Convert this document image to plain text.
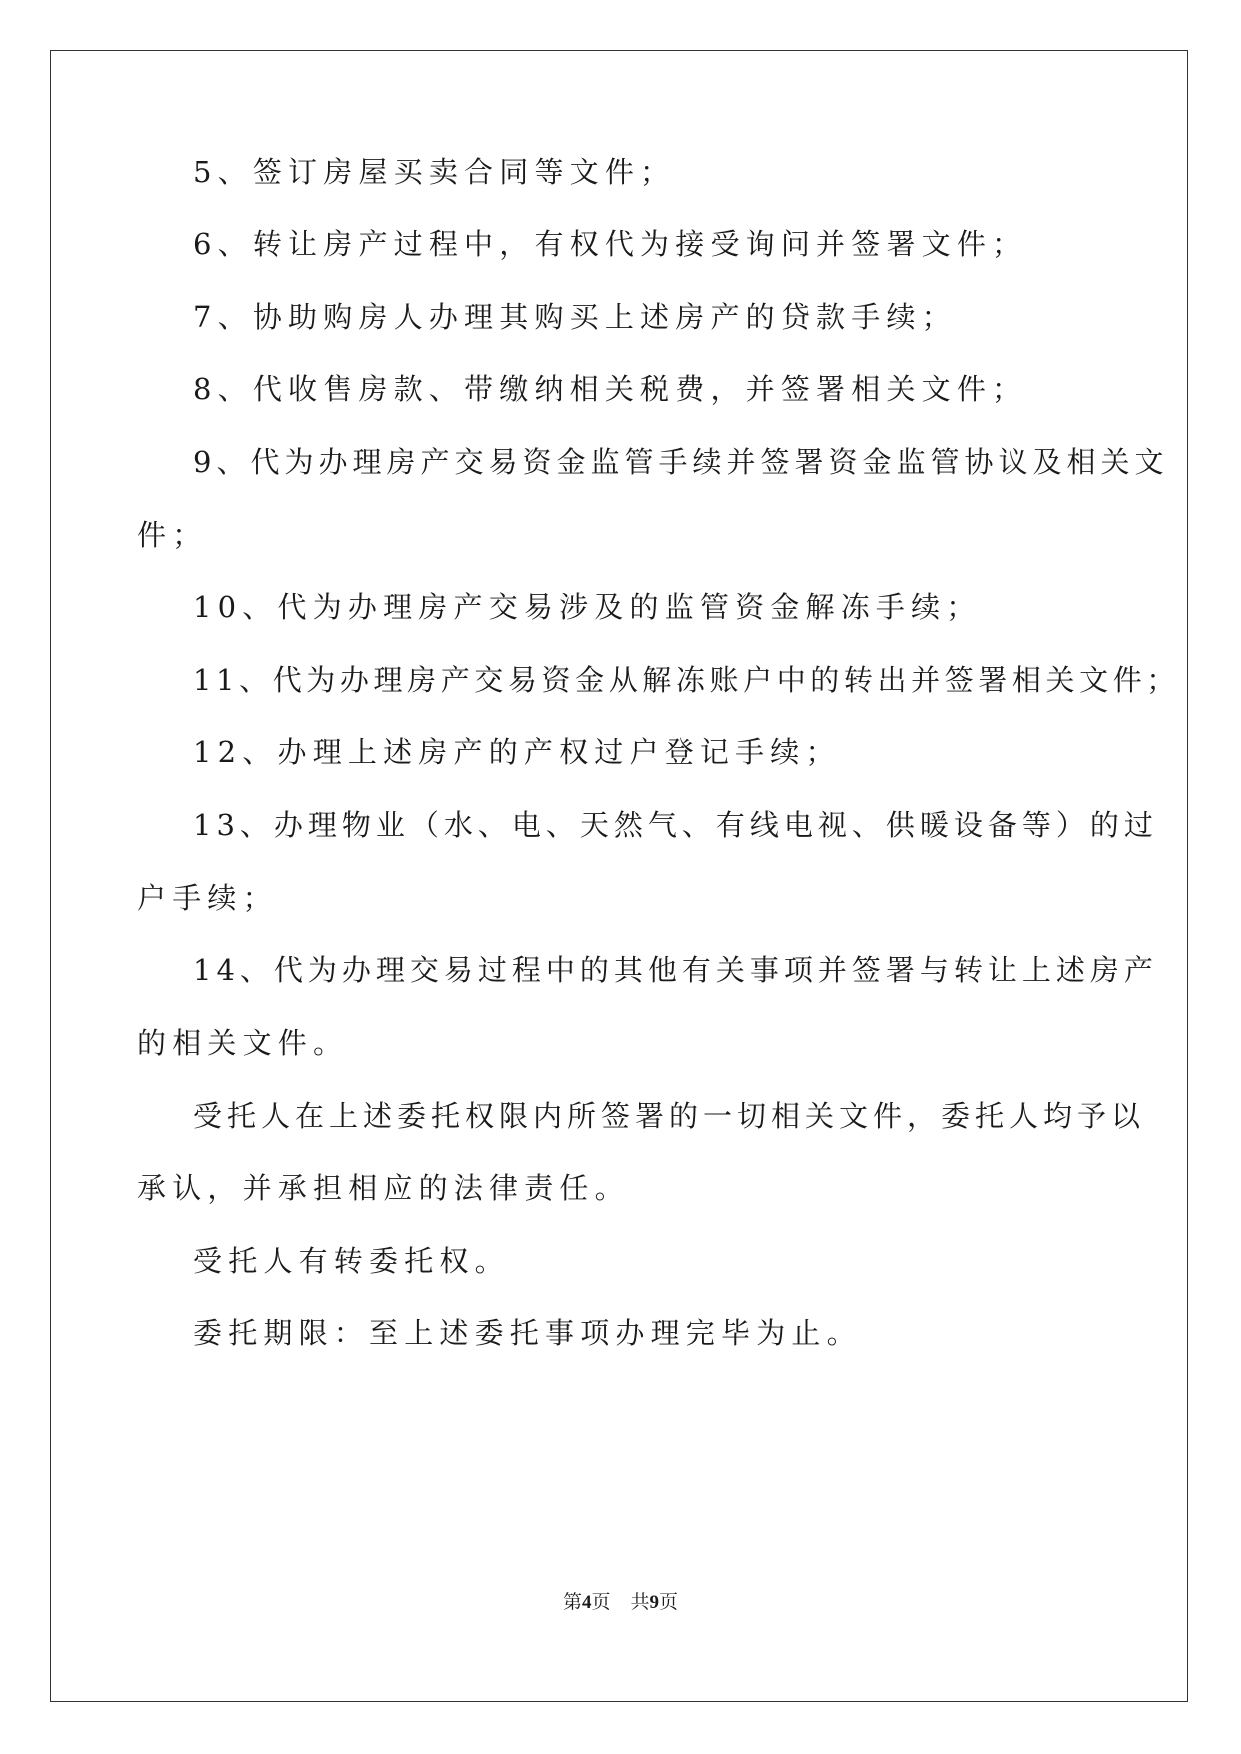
5、签订房屋买卖合同等文件；
6、转让房产过程中，有权代为接受询问并签署文件；
7、协助购房人办理其购买上述房产的贷款手续；
8、代收售房款、带缴纳相关税费，并签署相关文件；
9、代为办理房产交易资金监管手续并签署资金监管协议及相关文
件；
10、代为办理房产交易涉及的监管资金解冻手续；
11、代为办理房产交易资金从解冻账户中的转出并签署相关文件；
12、办理上述房产的产权过户登记手续；
13、办理物业（水、电、天然气、有线电视、供暖设备等）的过
户手续；
14、代为办理交易过程中的其他有关事项并签署与转让上述房产
的相关文件。
受托人在上述委托权限内所签署的一切相关文件，委托人均予以
承认，并承担相应的法律责任。
受托人有转委托权。
委托期限：至上述委托事项办理完毕为止。
第4页 共9页
